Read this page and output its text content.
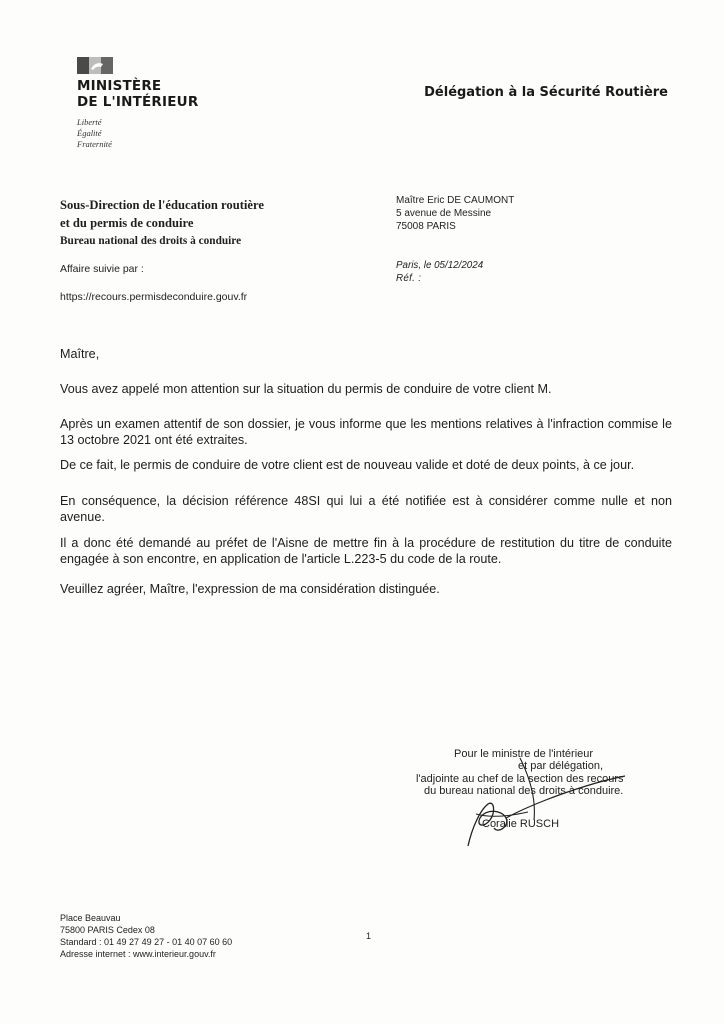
MINISTÈRE
DE L'INTÉRIEUR
Liberté
Égalité
Fraternité
Délégation à la Sécurité Routière
Sous-Direction de l'éducation routière
et du permis de conduire
Bureau national des droits à conduire
Affaire suivie par :
https://recours.permisdeconduire.gouv.fr
Maître Eric DE CAUMONT
5 avenue de Messine
75008 PARIS
Paris, le 05/12/2024
Réf. :
Maître,
Vous avez appelé mon attention sur la situation du permis de conduire de votre client M.
Après un examen attentif de son dossier, je vous informe que les mentions relatives à l'infraction commise le 13 octobre 2021 ont été extraites.
De ce fait, le permis de conduire de votre client est de nouveau valide et doté de deux points, à ce jour.
En conséquence, la décision référence 48SI qui lui a été notifiée est à considérer comme nulle et non avenue.
Il a donc été demandé au préfet de l'Aisne de mettre fin à la procédure de restitution du titre de conduite engagée à son encontre, en application de l'article L.223-5 du code de la route.
Veuillez agréer, Maître, l'expression de ma considération distinguée.
Pour le ministre de l'intérieur
et par délégation,
l'adjointe au chef de la section des recours
du bureau national des droits à conduire.
Coralie RUSCH
Place Beauvau
75800 PARIS Cedex 08
Standard : 01 49 27 49 27 - 01 40 07 60 60
Adresse internet : www.interieur.gouv.fr
1
